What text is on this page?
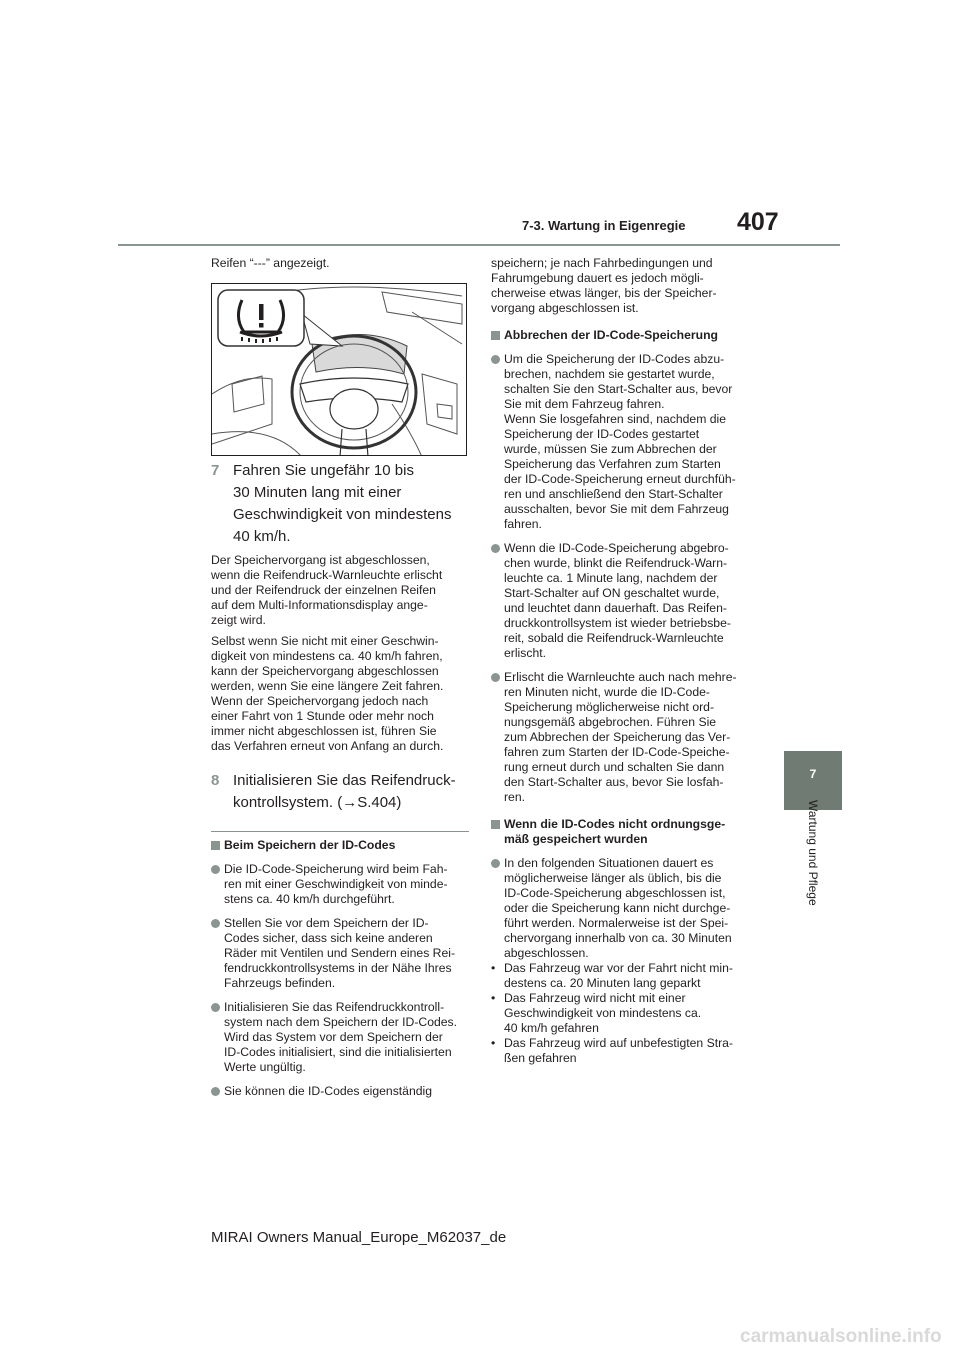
7-3. Wartung in Eigenregie 407
7
Wartung und Pflege

Reifen “---” angezeigt.

7 Fahren Sie ungefähr 10 bis
30 Minuten lang mit einer
Geschwindigkeit von mindestens
40 km/h.

Der Speichervorgang ist abgeschlossen,
wenn die Reifendruck-Warnleuchte erlischt
und der Reifendruck der einzelnen Reifen
auf dem Multi-Informationsdisplay ange-
zeigt wird.

Selbst wenn Sie nicht mit einer Geschwin-
digkeit von mindestens ca. 40 km/h fahren,
kann der Speichervorgang abgeschlossen
werden, wenn Sie eine längere Zeit fahren.
Wenn der Speichervorgang jedoch nach
einer Fahrt von 1 Stunde oder mehr noch
immer nicht abgeschlossen ist, führen Sie
das Verfahren erneut von Anfang an durch.

8 Initialisieren Sie das Reifendruck-
kontrollsystem. (→S.404)

Beim Speichern der ID-Codes

Die ID-Code-Speicherung wird beim Fah-
ren mit einer Geschwindigkeit von minde-
stens ca. 40 km/h durchgeführt.

Stellen Sie vor dem Speichern der ID-
Codes sicher, dass sich keine anderen
Räder mit Ventilen und Sendern eines Rei-
fendruckkontrollsystems in der Nähe Ihres
Fahrzeugs befinden.

Initialisieren Sie das Reifendruckkontroll-
system nach dem Speichern der ID-Codes.
Wird das System vor dem Speichern der
ID-Codes initialisiert, sind die initialisierten
Werte ungültig.

Sie können die ID-Codes eigenständig

speichern; je nach Fahrbedingungen und
Fahrumgebung dauert es jedoch mögli-
cherweise etwas länger, bis der Speicher-
vorgang abgeschlossen ist.

Abbrechen der ID-Code-Speicherung

Um die Speicherung der ID-Codes abzu-
brechen, nachdem sie gestartet wurde,
schalten Sie den Start-Schalter aus, bevor
Sie mit dem Fahrzeug fahren.
Wenn Sie losgefahren sind, nachdem die
Speicherung der ID-Codes gestartet
wurde, müssen Sie zum Abbrechen der
Speicherung das Verfahren zum Starten
der ID-Code-Speicherung erneut durchfüh-
ren und anschließend den Start-Schalter
ausschalten, bevor Sie mit dem Fahrzeug
fahren.

Wenn die ID-Code-Speicherung abgebro-
chen wurde, blinkt die Reifendruck-Warn-
leuchte ca. 1 Minute lang, nachdem der
Start-Schalter auf ON geschaltet wurde,
und leuchtet dann dauerhaft. Das Reifen-
druckkontrollsystem ist wieder betriebsbe-
reit, sobald die Reifendruck-Warnleuchte
erlischt.

Erlischt die Warnleuchte auch nach mehre-
ren Minuten nicht, wurde die ID-Code-
Speicherung möglicherweise nicht ord-
nungsgemäß abgebrochen. Führen Sie
zum Abbrechen der Speicherung das Ver-
fahren zum Starten der ID-Code-Speiche-
rung erneut durch und schalten Sie dann
den Start-Schalter aus, bevor Sie losfah-
ren.

Wenn die ID-Codes nicht ordnungsge-
mäß gespeichert wurden

In den folgenden Situationen dauert es
möglicherweise länger als üblich, bis die
ID-Code-Speicherung abgeschlossen ist,
oder die Speicherung kann nicht durchge-
führt werden. Normalerweise ist der Spei-
chervorgang innerhalb von ca. 30 Minuten
abgeschlossen.

• Das Fahrzeug war vor der Fahrt nicht min-
destens ca. 20 Minuten lang geparkt

• Das Fahrzeug wird nicht mit einer
Geschwindigkeit von mindestens ca.
40 km/h gefahren

• Das Fahrzeug wird auf unbefestigten Stra-
ßen gefahren

MIRAI Owners Manual_Europe_M62037_de
carmanualsonline.info
